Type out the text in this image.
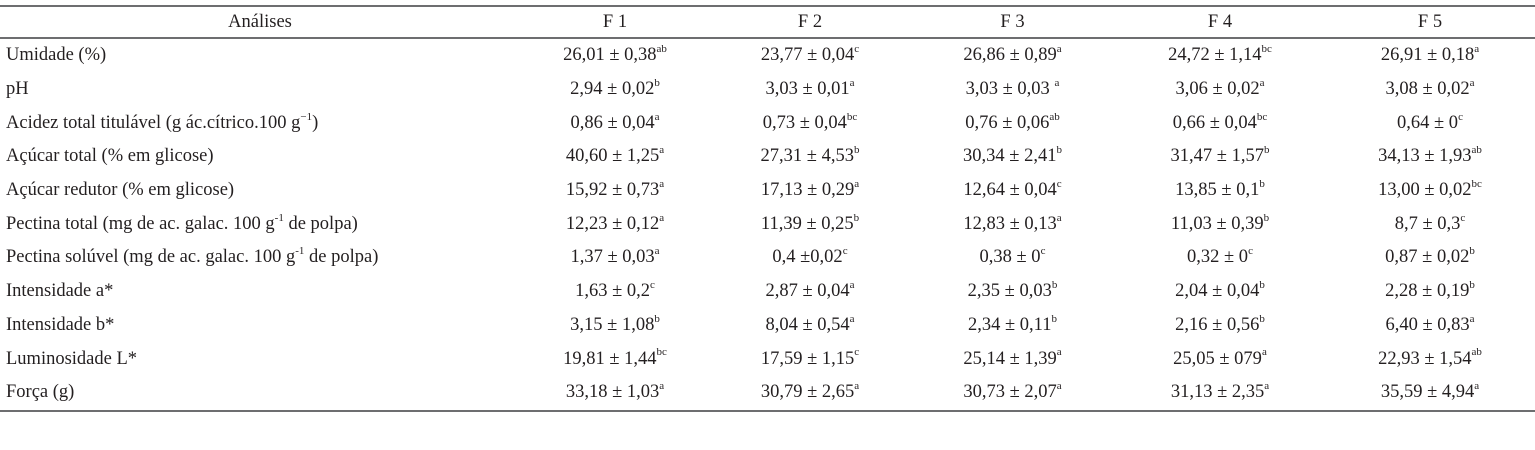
Análises	F 1	F 2	F 3	F 4	F 5
Umidade (%)	26,01 ± 0,38$^{ab}$	23,77 ± 0,04$^c$	26,86 ± 0,89$^a$	24,72 ± 1,14$^{bc}$	26,91 ± 0,18$^a$
pH	2,94 ± 0,02$^b$	3,03 ± 0,01$^a$	3,03 ± 0,03 $^a$	3,06 ± 0,02$^a$	3,08 ± 0,02$^a$
Acidez total titulável (g ác.cítrico.100 $g^{-1}$)	0,86 ± 0,04$^a$	0,73 ± 0,04$^{bc}$	0,76 ± 0,06$^{ab}$	0,66 ± 0,04$^{bc}$	$0,64 \pm 0^c$
Açúcar total (% em glicose)	40,60 ± 1,25$^a$	27,31 ± 4,53$^b$	30,34 ± 2,41$^b$	31,47 ± 1,57$^b$	34,13 ± 1,93$^{ab}$
Açúcar redutor (% em glicose)	15,92 ± 0,73$^a$	17,13 ± 0,29$^a$	12,64 ± 0,04$^c$	13,85 ± 0,1$^b$	13,00 ± 0,02$^{bc}$
Pectina total (mg de ac. galac. 100 $g^{-1}$ de polpa)	12,23 ± 0,12$^a$	11,39 ± 0,25$^b$	12,83 ± 0,13$^a$	11,03 ± 0,39$^b$	8,7 ± 0,3$^c$
Pectina solúvel (mg de ac. galac. 100 $g^{-1}$ de polpa)	1,37 ± 0,03$^a$	0,4 ±0,02$^c$	$0,38 \pm 0^c$	$0,32 \pm 0^c$	0,87 ± 0,02$^b$
Intensidade a*	1,63 ± 0,2$^c$	2,87 ± 0,04$^a$	2,35 ± 0,03$^b$	2,04 ± 0,04$^b$	2,28 ± 0,19$^b$
Intensidade b*	3,15 ± 1,08$^b$	8,04 ± 0,54$^a$	2,34 ± 0,11$^b$	2,16 ± 0,56$^b$	6,40 ± 0,83$^a$
Luminosidade L*	19,81 ± 1,44$^{bc}$	17,59 ± 1,15$^c$	25,14 ± 1,39$^a$	$25,05 \pm 079^a$	22,93 ± 1,54$^{ab}$
Força (g)	33,18 ± 1,03$^a$	30,79 ± 2,65$^a$	30,73 ± 2,07$^a$	31,13 ± 2,35$^a$	35,59 ± 4,94$^a$
